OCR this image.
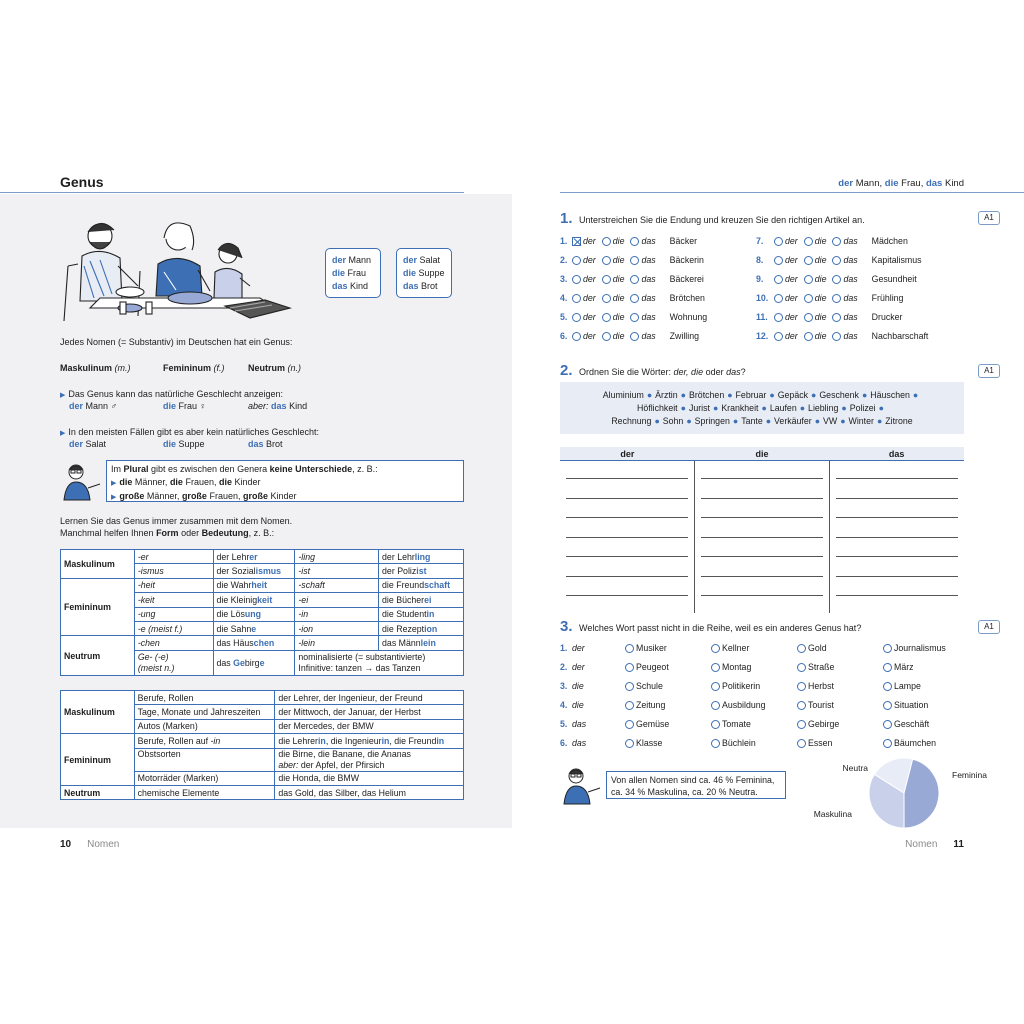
Genus
der Mann
die Frau
das Kind
der Salat
die Suppe
das Brot
Jedes Nomen (= Substantiv) im Deutschen hat ein Genus:
Maskulinum (m.)	Femininum (f.)	Neutrum (n.)
▶ Das Genus kann das natürliche Geschlecht anzeigen:
der Mann ♂	die Frau ♀	aber: das Kind
▶ In den meisten Fällen gibt es aber kein natürliches Geschlecht:
der Salat	die Suppe	das Brot
Im Plural gibt es zwischen den Genera keine Unterschiede, z. B.:
▶ die Männer, die Frauen, die Kinder
▶ große Männer, große Frauen, große Kinder
Lernen Sie das Genus immer zusammen mit dem Nomen.
Manchmal helfen Ihnen Form oder Bedeutung, z. B.:
Maskulinum	-er	der Lehrer	-ling	der Lehrling
	-ismus	der Sozialismus	-ist	der Polizist
Femininum	-heit	die Wahrheit	-schaft	die Freundschaft
	-keit	die Kleinigkeit	-ei	die Bücherei
	-ung	die Lösung	-in	die Studentin
	-e (meist f.)	die Sahne	-ion	die Rezeption
Neutrum	-chen	das Häuschen	-lein	das Männlein
	Ge- (-e)
(meist n.)	das Gebirge	nominalisierte (= substantivierte)
Infinitive: tanzen → das Tanzen	
Maskulinum	Berufe, Rollen	der Lehrer, der Ingenieur, der Freund
	Tage, Monate und Jahreszeiten	der Mittwoch, der Januar, der Herbst
	Autos (Marken)	der Mercedes, der BMW
Femininum	Berufe, Rollen auf -in	die Lehrerin, die Ingenieurin, die Freundin
	Obstsorten	die Birne, die Banane, die Ananas
aber: der Apfel, der Pfirsich
	Motorräder (Marken)	die Honda, die BMW
Neutrum	chemische Elemente	das Gold, das Silber, das Helium
10 Nomen
der Mann, die Frau, das Kind
1. Unterstreichen Sie die Endung und kreuzen Sie den richtigen Artikel an.	A1
1.	der die das Bäcker
2.	der die das Bäckerin
3.	der die das Bäckerei
4.	der die das Brötchen
5.	der die das Wohnung
6.	der die das Zwilling
7.	der die das Mädchen
8.	der die das Kapitalismus
9.	der die das Gesundheit
10.	der die das Frühling
11.	der die das Drucker
12.	der die das Nachbarschaft
2. Ordnen Sie die Wörter: der, die oder das?	A1
Aluminium ● Ärztin ● Brötchen ● Februar ● Gepäck ● Geschenk ● Häuschen ●
Höflichkeit ● Jurist ● Krankheit ● Laufen ● Liebling ● Polizei ●
Rechnung ● Sohn ● Springen ● Tante ● Verkäufer ● VW ● Winter ● Zitrone
der	die	das
3. Welches Wort passt nicht in die Reihe, weil es ein anderes Genus hat?	A1
1. der	Musiker	Kellner	Gold	Journalismus
2. der	Peugeot	Montag	Straße	März
3. die	Schule	Politikerin	Herbst	Lampe
4. die	Zeitung	Ausbildung	Tourist	Situation
5. das	Gemüse	Tomate	Gebirge	Geschäft
6. das	Klasse	Büchlein	Essen	Bäumchen
Von allen Nomen sind ca. 46 % Feminina,
ca. 34 % Maskulina, ca. 20 % Neutra.
Feminina
Maskulina
Neutra
Nomen 11
